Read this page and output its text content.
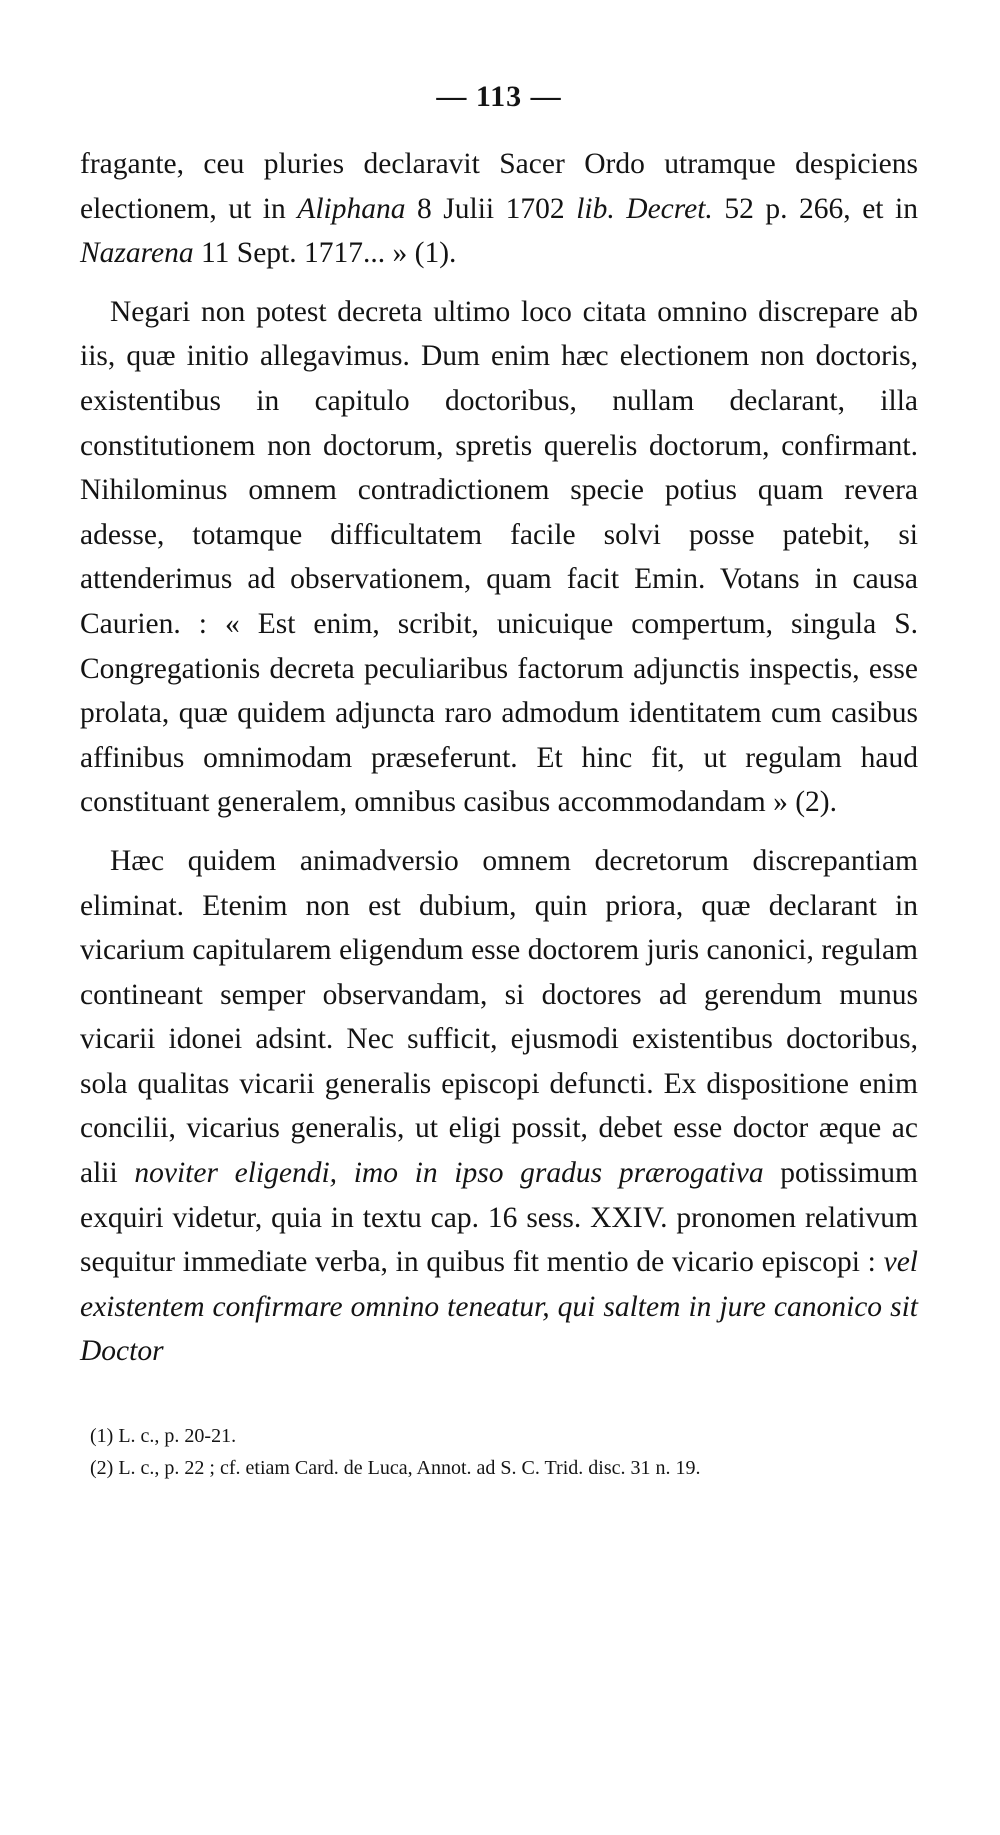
— 113 —

fragante, ceu pluries declaravit Sacer Ordo utramque despiciens electionem, ut in Aliphana 8 Julii 1702 lib. Decret. 52 p. 266, et in Nazarena 11 Sept. 1717... » (1).

Negari non potest decreta ultimo loco citata omnino discrepare ab iis, quæ initio allegavimus. Dum enim hæc electionem non doctoris, existentibus in capitulo doctoribus, nullam declarant, illa constitutionem non doctorum, spretis querelis doctorum, confirmant. Nihilominus omnem contradictionem specie potius quam revera adesse, totamque difficultatem facile solvi posse patebit, si attenderimus ad observationem, quam facit Emin. Votans in causa Caurien. : « Est enim, scribit, unicuique compertum, singula S. Congregationis decreta peculiaribus factorum adjunctis inspectis, esse prolata, quæ quidem adjuncta raro admodum identitatem cum casibus affinibus omnimodam præseferunt. Et hinc fit, ut regulam haud constituant generalem, omnibus casibus accommodandam » (2).

Hæc quidem animadversio omnem decretorum discrepantiam eliminat. Etenim non est dubium, quin priora, quæ declarant in vicarium capitularem eligendum esse doctorem juris canonici, regulam contineant semper observandam, si doctores ad gerendum munus vicarii idonei adsint. Nec sufficit, ejusmodi existentibus doctoribus, sola qualitas vicarii generalis episcopi defuncti. Ex dispositione enim concilii, vicarius generalis, ut eligi possit, debet esse doctor æque ac alii noviter eligendi, imo in ipso gradus prærogativa potissimum exquiri videtur, quia in textu cap. 16 sess. XXIV. pronomen relativum sequitur immediate verba, in quibus fit mentio de vicario episcopi : vel existentem confirmare omnino teneatur, qui saltem in jure canonico sit Doctor

(1) L. c., p. 20-21.
(2) L. c., p. 22 ; cf. etiam Card. de Luca, Annot. ad S. C. Trid. disc. 31 n. 19.
